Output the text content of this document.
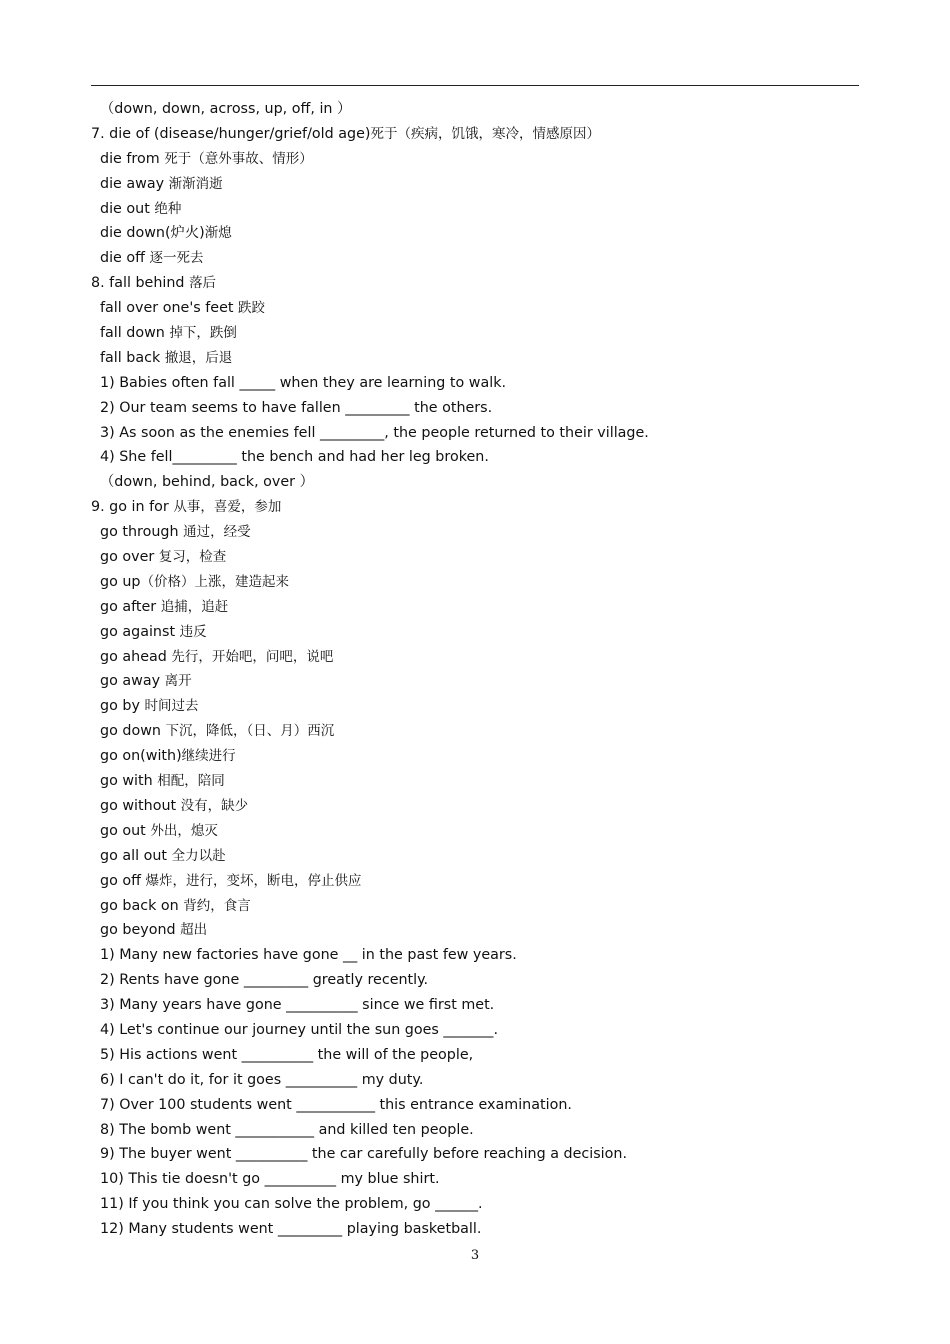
（down, down, across, up, off, in ）
7. die of (disease/hunger/grief/old age)死于（疾病，饥饿，寒冷，情感原因）
die from 死于（意外事故、情形）
die away 渐渐消逝
die out 绝种
die down(炉火)渐熄
die off 逐一死去
8. fall behind 落后
fall over one's feet 跌跤
fall down 掉下，跌倒
fall back 撤退，后退
1) Babies often fall _____ when they are learning to walk.
2) Our team seems to have fallen _________ the others.
3) As soon as the enemies fell _________, the people returned to their village.
4) She fell_________ the bench and had her leg broken.
（down, behind, back, over ）
9. go in for 从事，喜爱，参加
go through 通过，经受
go over 复习，检查
go up（价格）上涨，建造起来
go after 追捕，追赶
go against 违反
go ahead 先行，开始吧，问吧，说吧
go away 离开
go by 时间过去
go down 下沉，降低，（日、月）西沉
go on(with)继续进行
go with 相配，陪同
go without 没有，缺少
go out 外出，熄灭
go all out 全力以赴
go off 爆炸，进行，变坏，断电，停止供应
go back on 背约，食言
go beyond 超出
1) Many new factories have gone __ in the past few years.
2) Rents have gone _________ greatly recently.
3) Many years have gone __________ since we first met.
4) Let's continue our journey until the sun goes _______.
5) His actions went __________ the will of the people,
6) I can't do it, for it goes __________ my duty.
7) Over 100 students went ___________ this entrance examination.
8) The bomb went ___________ and killed ten people.
9) The buyer went __________ the car carefully before reaching a decision.
10) This tie doesn't go __________ my blue shirt.
11) If you think you can solve the problem, go ______.
12) Many students went _________ playing basketball.
3
